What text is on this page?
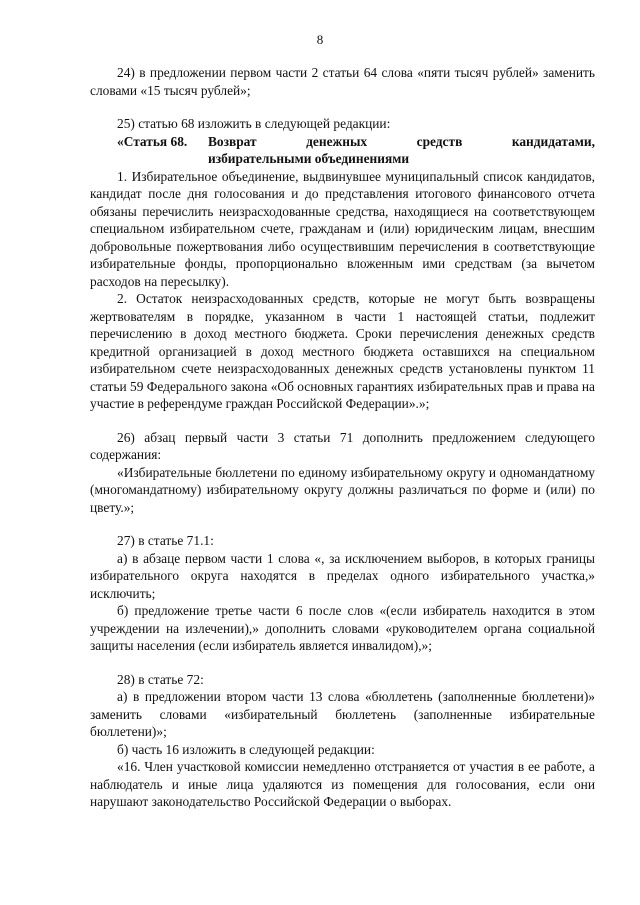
8

24) в предложении первом части 2 статьи 64 слова «пяти тысяч рублей» заменить словами «15 тысяч рублей»;

25) статью 68 изложить в следующей редакции:

«Статья 68.	Возврат денежных средств кандидатами,
избирательными объединениями

1. Избирательное объединение, выдвинувшее муниципальный список кандидатов, кандидат после дня голосования и до представления итогового финансового отчета обязаны перечислить неизрасходованные средства, находящиеся на соответствующем специальном избирательном счете, гражданам и (или) юридическим лицам, внесшим добровольные пожертвования либо осуществившим перечисления в соответствующие избирательные фонды, пропорционально вложенным ими средствам (за вычетом расходов на пересылку).

2. Остаток неизрасходованных средств, которые не могут быть возвращены жертвователям в порядке, указанном в части 1 настоящей статьи, подлежит перечислению в доход местного бюджета. Сроки перечисления денежных средств кредитной организацией в доход местного бюджета оставшихся на специальном избирательном счете неизрасходованных денежных средств установлены пунктом 11 статьи 59 Федерального закона «Об основных гарантиях избирательных прав и права на участие в референдуме граждан Российской Федерации».»;

26) абзац первый части 3 статьи 71 дополнить предложением следующего содержания:

«Избирательные бюллетени по единому избирательному округу и одномандатному (многомандатному) избирательному округу должны различаться по форме и (или) по цвету.»;

27) в статье 71.1:

а) в абзаце первом части 1 слова «, за исключением выборов, в которых границы избирательного округа находятся в пределах одного избирательного участка,» исключить;

б) предложение третье части 6 после слов «(если избиратель находится в этом учреждении на излечении),» дополнить словами «руководителем органа социальной защиты населения (если избиратель является инвалидом),»;

28) в статье 72:

а) в предложении втором части 13 слова «бюллетень (заполненные бюллетени)» заменить словами «избирательный бюллетень (заполненные избирательные бюллетени)»;

б) часть 16 изложить в следующей редакции:

«16. Член участковой комиссии немедленно отстраняется от участия в ее работе, а наблюдатель и иные лица удаляются из помещения для голосования, если они нарушают законодательство Российской Федерации о выборах.
